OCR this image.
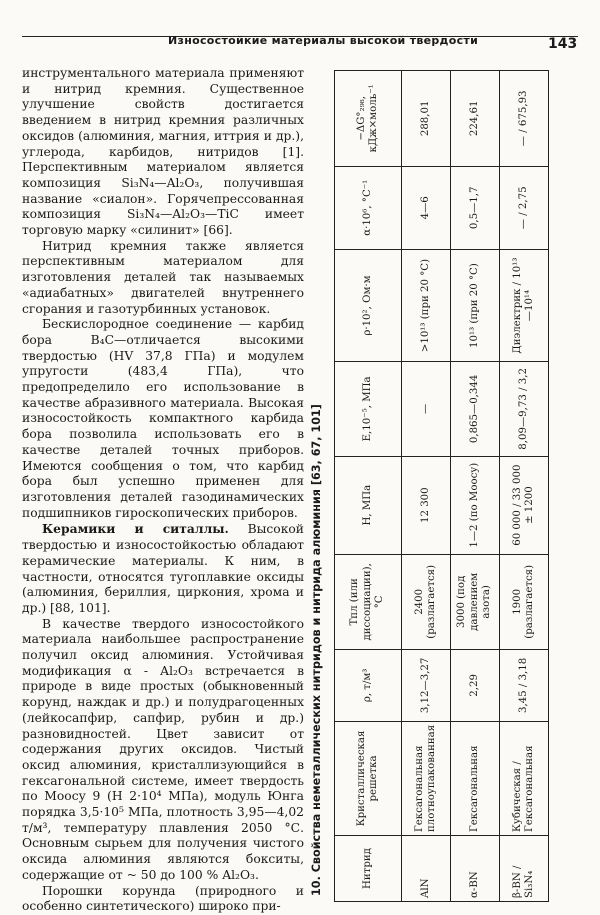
Износостойкие материалы высокой твердости	143

инструментального материала применяют и нитрид кремния. Существенное улучшение свойств достигается введением в нитрид кремния различных оксидов (алюминия, магния, иттрия и др.), углерода, карбидов, нитридов [1]. Перспективным материалом является композиция Si₃N₄—Al₂O₃, получившая название «сиалон». Горячепрессованная композиция Si₃N₄—Al₂O₃—TiC имеет торговую марку «силинит» [66].

Нитрид кремния также является перспективным материалом для изготовления деталей так называемых «адиабатных» двигателей внутреннего сгорания и газотурбинных установок.

Бескислородное соединение — карбид бора B₄C—отличается высокими твердостью (HV 37,8 ГПа) и модулем упругости (483,4 ГПа), что предопределило его использование в качестве абразивного материала. Высокая износостойкость компактного карбида бора позволила использовать его в качестве деталей точных приборов. Имеются сообщения о том, что карбид бора был успешно применен для изготовления деталей газодинамических подшипников гироскопических приборов.

Керамики и ситаллы. Высокой твердостью и износостойкостью обладают керамические материалы. К ним, в частности, относятся тугоплавкие оксиды (алюминия, бериллия, циркония, хрома и др.) [88, 101].

В качестве твердого износостойкого материала наибольшее распространение получил оксид алюминия. Устойчивая модификация α - Al₂O₃ встречается в природе в виде простых (обыкновенный корунд, наждак и др.) и полудрагоценных (лейкосапфир, сапфир, рубин и др.) разновидностей. Цвет зависит от содержания других оксидов. Чистый оксид алюминия, кристаллизующийся в гексагональной системе, имеет твердость по Моосу 9 (Н 2·10⁴ МПа), модуль Юнга порядка 3,5·10⁵ МПа, плотность 3,95—4,02 т/м³, температуру плавления 2050 °С. Основным сырьем для получения чистого оксида алюминия являются бокситы, содержащие от ~ 50 до 100 % Al₂O₃.

Порошки корунда (природного и особенно синтетического) широко при-

10. Свойства неметаллических нитридов и нитрида алюминия [63, 67, 101]	Нитрид	Кристаллическая решетка	ρ, т/м³	Tпл (или диссоциации), °С	H, МПа	E,10⁻⁵, МПа	ρ·10², Ом·м	α·10⁶, °С⁻¹	−ΔG°₂₉₈, кДж×моль⁻¹
AlN	Гексагональная плотноупакованная	3,12—3,27	2400 (разлагается)	12 300	—	>10¹³ (при 20 °С)	4—6	288,01
α-BN	Гексагональная	2,29	3000 (под давлением азота)	1—2 (по Моосу)	0,865—0,344	10¹³ (при 20 °С)	0,5—1,7	224,61
β-BN / Si₃N₄	Кубическая / Гексагональная	3,45 / 3,18	1900 (разлагается)	60 000 / 33 000 ± 1200	8,09—9,73 / 3,2	Диэлектрик / 10¹³—10¹⁴	— / 2,75	— / 675,93
